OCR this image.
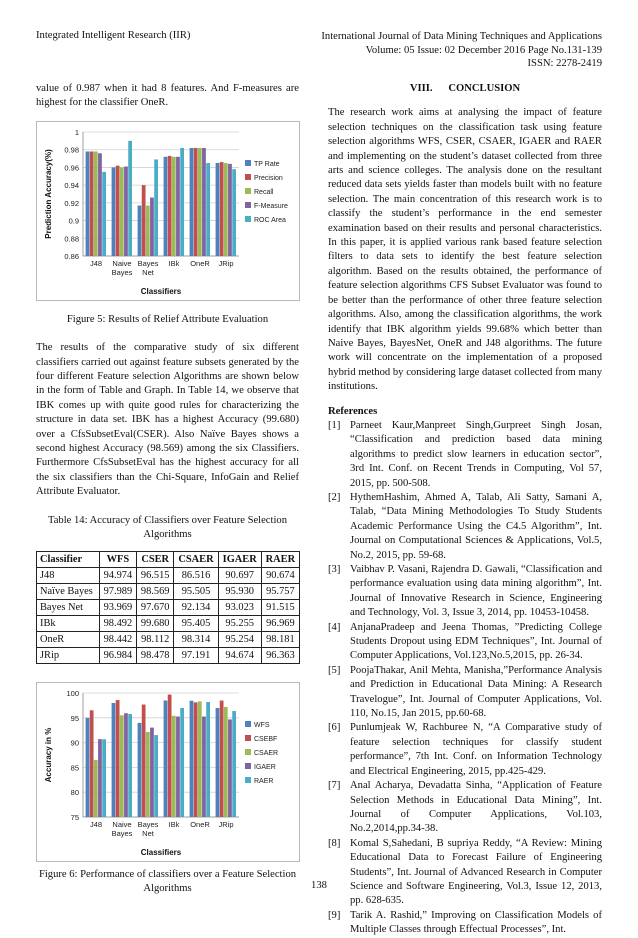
Integrated Intelligent Research (IIR)	International Journal of Data Mining Techniques and Applications
Volume: 05 Issue: 02 December 2016 Page No.131-139
ISSN: 2278-2419

value of 0.987 when it had 8 features. And F-measures are highest for the classifier OneR.

0.86
0.88
0.9
0.92
0.94
0.96
0.98
1
J48 Naive
Bayes
Bayes
Net
IBk OneR JRip
Classifiers
Prediction Accuracy(%)	TP Rate
Precision
Recall
F-Measure
ROC Area

Figure 5: Results of Relief Attribute Evaluation

The results of the comparative study of six different classifiers carried out against feature subsets generated by the four different Feature selection Algorithms are shown below in the form of Table and Graph. In Table 14, we observe that IBK comes up with quite good rules for characterizing the structure in data set. IBK has a highest Accuracy (99.680) over a CfsSubsetEval(CSER). Also Naïve Bayes shows a second highest Accuracy (98.569) among the six Classifiers. Furthermore CfsSubsetEval has the highest accuracy for all the six classifiers than the Chi-Square, InfoGain and Relief Attribute Evaluator.

Table 14: Accuracy of Classifiers over Feature Selection Algorithms

Classifier	WFS	CSER	CSAER	IGAER	RAER
J48	94.974	96.515	86.516	90.697	90.674
Naïve Bayes	97.989	98.569	95.505	95.930	95.757
Bayes Net	93.969	97.670	92.134	93.023	91.515
IBk	98.492	99.680	95.405	95.255	96.969
OneR	98.442	98.112	98.314	95.254	98.181
JRip	96.984	98.478	97.191	94.674	96.363
75
80
85
90
95
100
J48 Naive
Bayes
Bayes
Net
IBk OneR JRip
Classifiers
Accuracy in %
WFS
CSEBF
CSAER
IGAER
RAER

Figure 6: Performance of classifiers over a Feature Selection Algorithms

VIII.      CONCLUSION

The research work aims at analysing the impact of feature selection techniques on the classification task using feature selection algorithms WFS, CSER, CSAER, IGAER and RAER and implementing on the student’s dataset collected from three arts and science colleges. The analysis done on the resultant reduced data sets yields faster than models built with no feature selection. The main concentration of this research work is to classify the student’s performance in the end semester examination based on their results and personal characteristics. In this paper, it is applied various rank based feature selection filters to data sets to identify the best feature selection algorithm. Based on the results obtained, the performance of feature selection algorithms CFS Subset Evaluator was found to be better than the performance of other three feature selection algorithms. Also, among the classification algorithms, the work identify that IBK algorithm yields 99.68% which better than Naive Bayes, BayesNet, OneR and J48 algorithms. The future work will concentrate on the implementation of a proposed hybrid method by considering large dataset collected from many institutions.

References
[1] Parneet Kaur,Manpreet Singh,Gurpreet Singh Josan, “Classification and prediction based data mining algorithms to predict slow learners in education sector”, 3rd Int. Conf. on Recent Trends in Computing, Vol 57, 2015, pp. 500-508.
[2] HythemHashim, Ahmed A, Talab, Ali Satty, Samani A, Talab, “Data Mining Methodologies To Study Students Academic Performance Using the C4.5 Algorithm”, Int. Journal on Computational Sciences & Applications, Vol.5, No.2, 2015, pp. 59-68.
[3] Vaibhav P. Vasani, Rajendra D. Gawali, “Classification and performance evaluation using data mining algorithm”, Int. Journal of Innovative Research in Science, Engineering and Technology, Vol. 3, Issue 3, 2014, pp. 10453-10458.
[4] AnjanaPradeep and Jeena Thomas, ”Predicting College Students Dropout using EDM Techniques”, Int. Journal of Computer Applications, Vol.123,No.5,2015, pp. 26-34.
[5] PoojaThakar, Anil Mehta, Manisha,”Performance Analysis and Prediction in Educational Data Mining: A Research Travelogue”, Int. Journal of Computer Applications, Vol. 110, No.15, Jan 2015, pp.60-68.
[6] Punlumjeak W, Rachburee N, “A Comparative study of feature selection techniques for classify student performance”, 7th Int. Conf. on Information Technology and Electrical Engineering, 2015, pp.425-429.
[7] Anal Acharya, Devadatta Sinha, “Application of Feature Selection Methods in Educational Data Mining”, Int. Journal of Computer Applications, Vol.103, No.2,2014,pp.34-38.
[8] Komal S,Sahedani, B supriya Reddy, “A Review: Mining Educational Data to Forecast Failure of Engineering Students”, Int. Journal of Advanced Research in Computer Science and Software Engineering, Vol.3, Issue 12, 2013, pp. 628-635.
[9] Tarik A. Rashid,” Improving on Classification Models of Multiple Classes through Effectual Processes”, Int.
138
